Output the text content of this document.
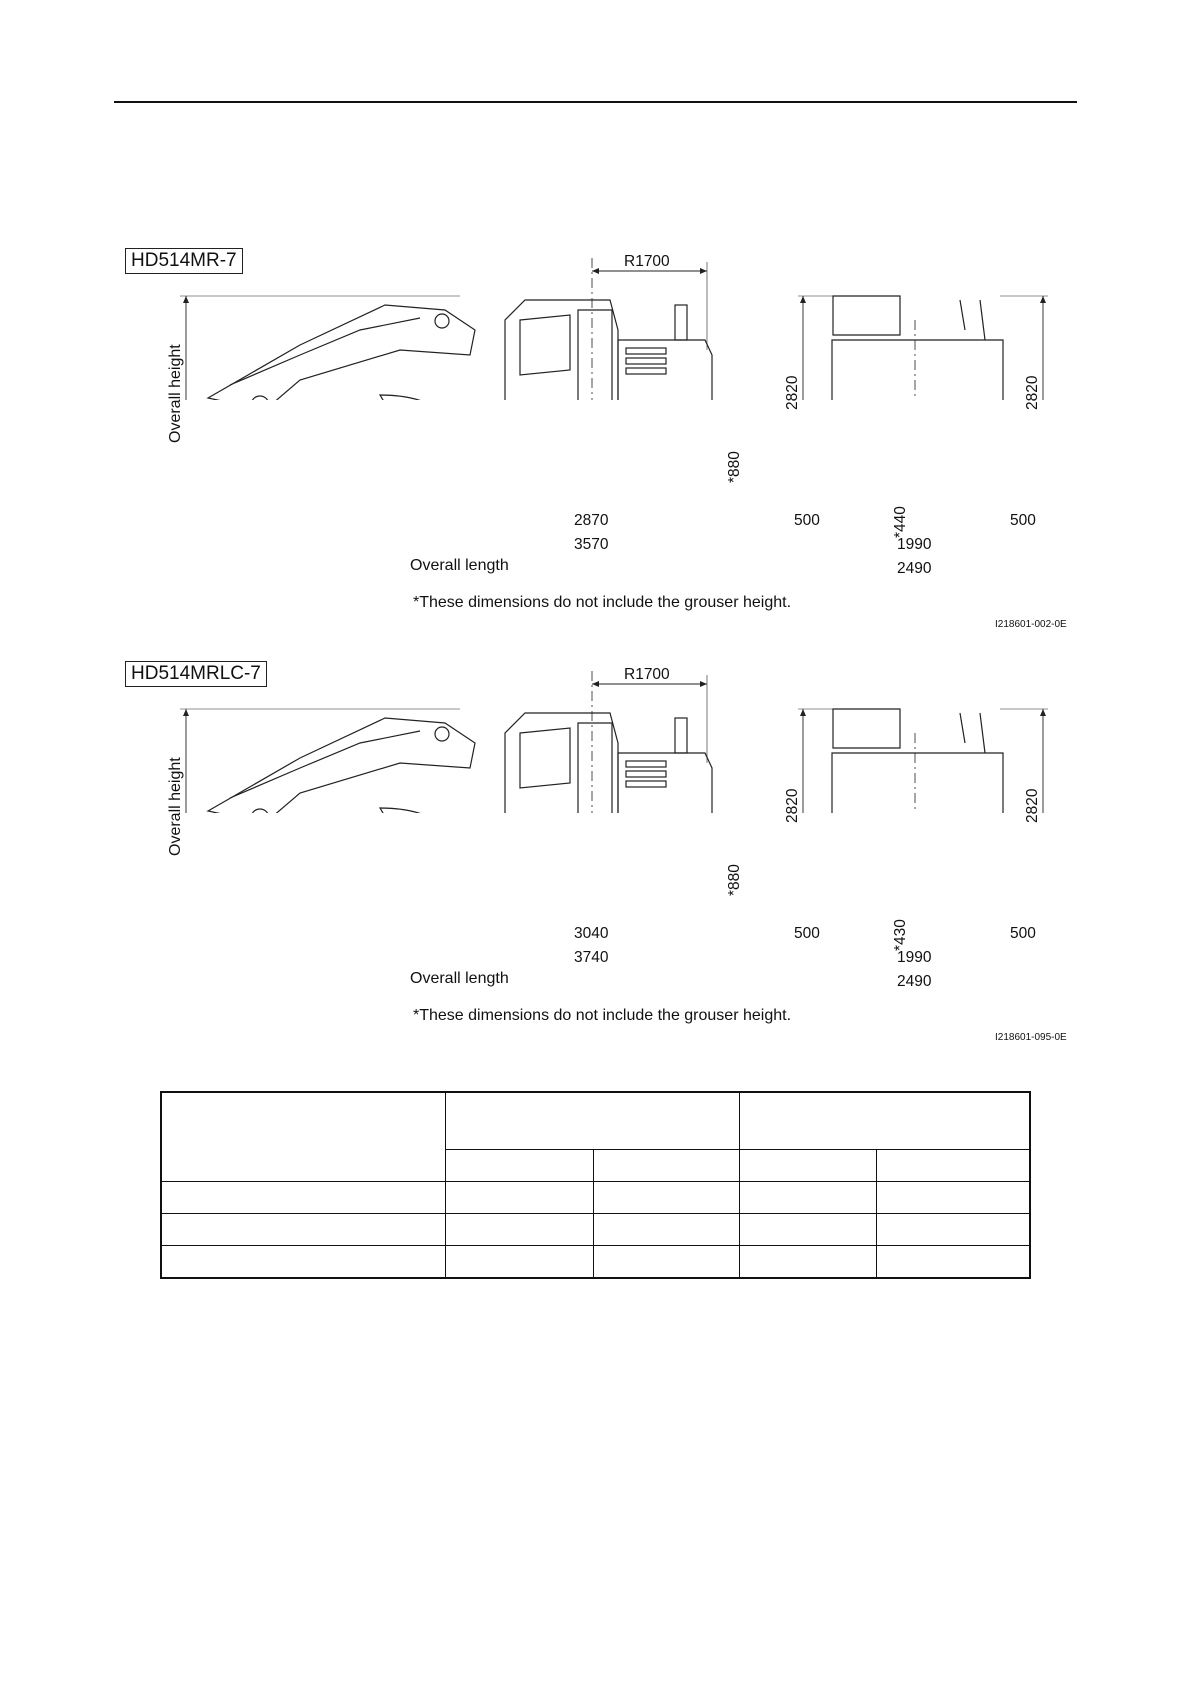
HD514MR-7	R1700
Overall height
Overall length
*880
2870
3570
2820	2820
*440
500	500
1990
2490
*These dimensions do not include the grouser height.
I218601-002-0E
HD514MRLC-7	R1700
Overall height
Overall length
*880
3040
3740
2820	2820
*430
500	500
1990
2490
*These dimensions do not include the grouser height.
I218601-095-0E
